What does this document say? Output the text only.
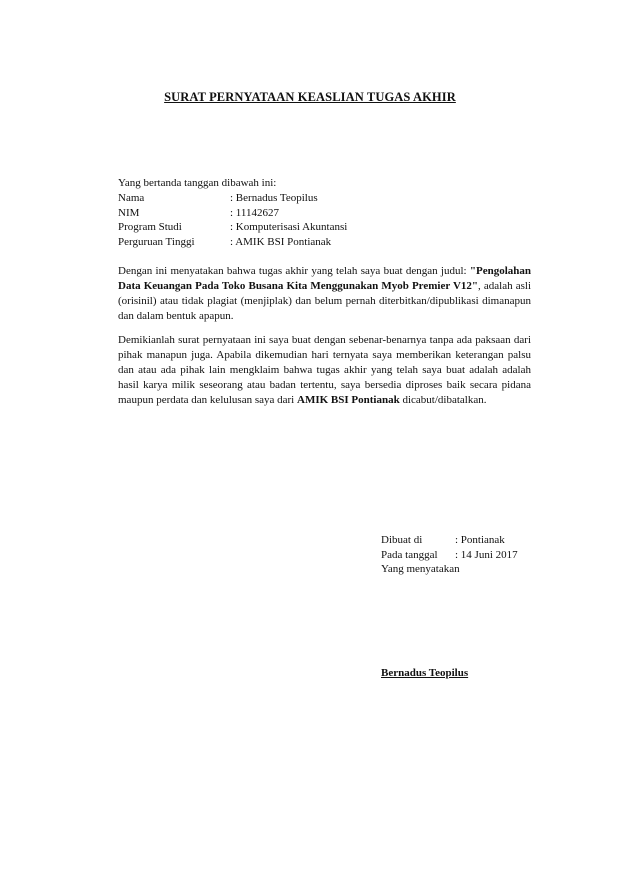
SURAT PERNYATAAN KEASLIAN TUGAS AKHIR
Yang bertanda tanggan dibawah ini:
Nama	: Bernadus Teopilus
NIM	: 11142627
Program Studi	: Komputerisasi Akuntansi
Perguruan Tinggi	: AMIK BSI Pontianak

Dengan ini menyatakan bahwa tugas akhir yang telah saya buat dengan judul: "Pengolahan Data Keuangan Pada Toko Busana Kita Menggunakan Myob Premier V12", adalah asli (orisinil) atau tidak plagiat (menjiplak) dan belum pernah diterbitkan/dipublikasi dimanapun dan dalam bentuk apapun.

Demikianlah surat pernyataan ini saya buat dengan sebenar-benarnya tanpa ada paksaan dari pihak manapun juga. Apabila dikemudian hari ternyata saya memberikan keterangan palsu dan atau ada pihak lain mengklaim bahwa tugas akhir yang telah saya buat adalah adalah hasil karya milik seseorang atau badan tertentu, saya bersedia diproses baik secara pidana maupun perdata dan kelulusan saya dari AMIK BSI Pontianak dicabut/dibatalkan.

Dibuat di	: Pontianak
Pada tanggal	: 14 Juni 2017
Yang menyatakan
Bernadus Teopilus
